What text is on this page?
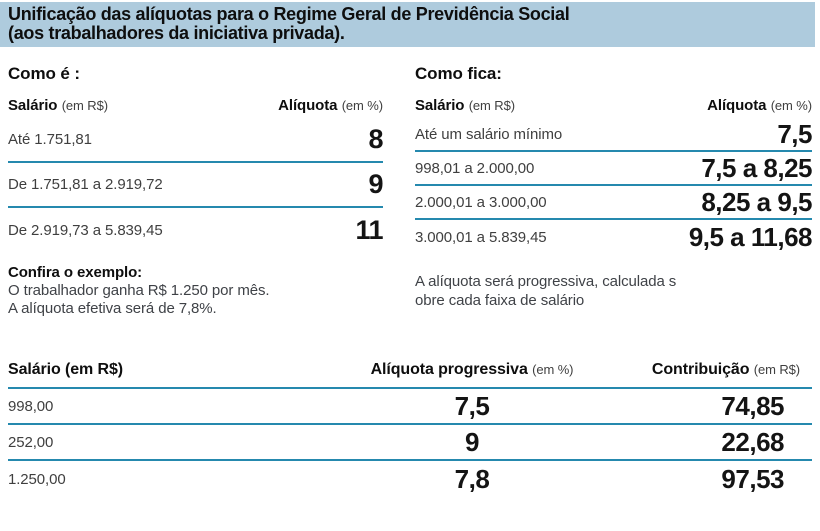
Unificação das alíquotas para o Regime Geral de Previdência Social
(aos trabalhadores da iniciativa privada).
Como é :
Salário (em R$)	Alíquota (em %)
Até 1.751,81	8
De 1.751,81 a 2.919,72	9
De 2.919,73 a 5.839,45	11
Confira o exemplo:

O trabalhador ganha R$ 1.250 por mês.

A alíquota efetiva será de 7,8%.

Como fica:
Salário (em R$)	Alíquota (em %)
Até um salário mínimo	7,5
998,01 a 2.000,00	7,5 a 8,25
2.000,01 a 3.000,00	8,25 a 9,5
3.000,01 a 5.839,45	9,5 a 11,68

A alíquota será progressiva, calculada s
obre cada faixa de salário

Salário (em R$)	Alíquota progressiva (em %)	Contribuição (em R$)
998,00	7,5	74,85
252,00	9	22,68
1.250,00	7,8	97,53
